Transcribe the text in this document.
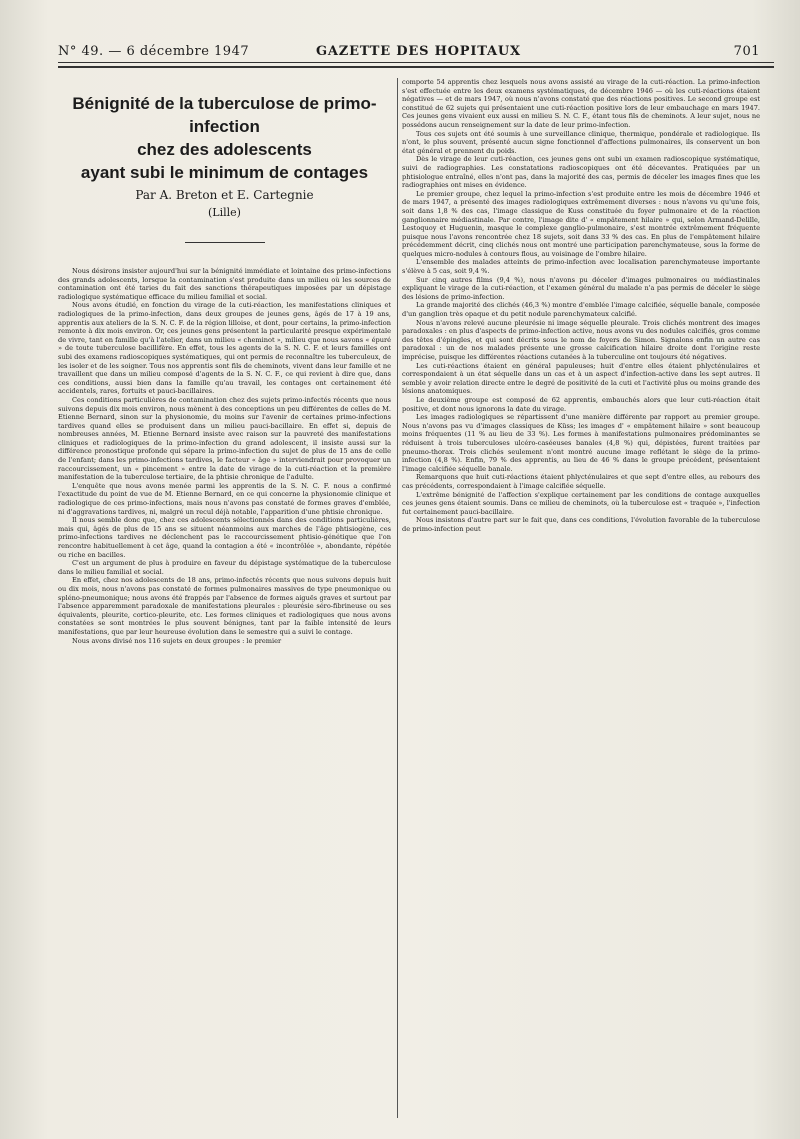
N° 49. — 6 décembre 1947	GAZETTE DES HOPITAUX	701
Bénignité de la tuberculose de primo-infection
chez des adolescents
ayant subi le minimum de contages
Par A. Breton et E. Cartegnie
(Lille)

Nous désirons insister aujourd'hui sur la bénignité immédiate et lointaine des primo-infections des grands adolescents, lorsque la contamination s'est produite dans un milieu où les sources de contamination ont été taries du fait des sanctions thérapeutiques imposées par un dépistage radiologique systématique efficace du milieu familial et social.

Nous avons étudié, en fonction du virage de la cuti-réaction, les manifestations cliniques et radiologiques de la primo-infection, dans deux groupes de jeunes gens, âgés de 17 à 19 ans, apprentis aux ateliers de la S. N. C. F. de la région lilloise, et dont, pour certains, la primo-infection remonte à dix mois environ. Or, ces jeunes gens présentent la particularité presque expérimentale de vivre, tant en famille qu'à l'atelier, dans un milieu « cheminot », milieu que nous savons « épuré » de toute tuberculose bacillifère. En effet, tous les agents de la S. N. C. F. et leurs familles ont subi des examens radioscopiques systématiques, qui ont permis de reconnaître les tuberculeux, de les isoler et de les soigner. Tous nos apprentis sont fils de cheminots, vivent dans leur famille et ne travaillent que dans un milieu composé d'agents de la S. N. C. F., ce qui revient à dire que, dans ces conditions, aussi bien dans la famille qu'au travail, les contages ont certainement été accidentels, rares, fortuits et pauci-bacillaires.

Ces conditions particulières de contamination chez des sujets primo-infectés récents que nous suivons depuis dix mois environ, nous mènent à des conceptions un peu différentes de celles de M. Etienne Bernard, sinon sur la physionomie, du moins sur l'avenir de certaines primo-infections tardives quand elles se produisent dans un milieu pauci-bacillaire. En effet si, depuis de nombreuses années, M. Etienne Bernard insiste avec raison sur la pauvreté des manifestations cliniques et radiologiques de la primo-infection du grand adolescent, il insiste aussi sur la différence pronostique profonde qui sépare la primo-infection du sujet de plus de 15 ans de celle de l'enfant; dans les primo-infections tardives, le facteur « âge » interviendrait pour provoquer un raccourcissement, un « pincement » entre la date de virage de la cuti-réaction et la première manifestation de la tuberculose tertiaire, de la phtisie chronique de l'adulte.

L'enquête que nous avons menée parmi les apprentis de la S. N. C. F. nous a confirmé l'exactitude du point de vue de M. Etienne Bernard, en ce qui concerne la physionomie clinique et radiologique de ces primo-infections, mais nous n'avons pas constaté de formes graves d'emblée, ni d'aggravations tardives, ni, malgré un recul déjà notable, l'apparition d'une phtisie chronique.

Il nous semble donc que, chez ces adolescents sélectionnés dans des conditions particulières, mais qui, âgés de plus de 15 ans se situent néanmoins aux marches de l'âge phtisiogène, ces primo-infections tardives ne déclenchent pas le raccourcissement phtisio-génétique que l'on rencontre habituellement à cet âge, quand la contagion a été « incontrôlée », abondante, répétée ou riche en bacilles.

C'est un argument de plus à produire en faveur du dépistage systématique de la tuberculose dans le milieu familial et social.

En effet, chez nos adolescents de 18 ans, primo-infectés récents que nous suivons depuis huit ou dix mois, nous n'avons pas constaté de formes pulmonaires massives de type pneumonique ou spléno-pneumonique; nous avons été frappés par l'absence de formes aiguës graves et surtout par l'absence apparemment paradoxale de manifestations pleurales : pleurésie séro-fibrineuse ou ses équivalents, pleurite, cortico-pleurite, etc. Les formes cliniques et radiologiques que nous avons constatées se sont montrées le plus souvent bénignes, tant par la faible intensité de leurs manifestations, que par leur heureuse évolution dans le semestre qui a suivi le contage.

Nous avons divisé nos 116 sujets en deux groupes : le premier

comporte 54 apprentis chez lesquels nous avons assisté au virage de la cuti-réaction. La primo-infection s'est effectuée entre les deux examens systématiques, de décembre 1946 — où les cuti-réactions étaient négatives — et de mars 1947, où nous n'avons constaté que des réactions positives. Le second groupe est constitué de 62 sujets qui présentaient une cuti-réaction positive lors de leur embauchage en mars 1947. Ces jeunes gens vivaient eux aussi en milieu S. N. C. F., étant tous fils de cheminots. A leur sujet, nous ne possédons aucun renseignement sur la date de leur primo-infection.

Tous ces sujets ont été soumis à une surveillance clinique, thermique, pondérale et radiologique. Ils n'ont, le plus souvent, présenté aucun signe fonctionnel d'affections pulmonaires, ils conservent un bon état général et prennent du poids.

Dès le virage de leur cuti-réaction, ces jeunes gens ont subi un examen radioscopique systématique, suivi de radiographies. Les constatations radioscopiques ont été décevantes. Pratiquées par un phtisiologue entraîné, elles n'ont pas, dans la majorité des cas, permis de déceler les images fines que les radiographies ont mises en évidence.

Le premier groupe, chez lequel la primo-infection s'est produite entre les mois de décembre 1946 et de mars 1947, a présenté des images radiologiques extrêmement diverses : nous n'avons vu qu'une fois, soit dans 1,8 % des cas, l'image classique de Kuss constituée du foyer pulmonaire et de la réaction ganglionnaire médiastinale. Par contre, l'image dite d' « empâtement hilaire » qui, selon Armand-Delille, Lestoquoy et Huguenin, masque le complexe ganglio-pulmonaire, s'est montrée extrêmement fréquente puisque nous l'avons rencontrée chez 18 sujets, soit dans 33 % des cas. En plus de l'empâtement hilaire précédemment décrit, cinq clichés nous ont montré une participation parenchymateuse, sous la forme de quelques micro-nodules à contours flous, au voisinage de l'ombre hilaire.

L'ensemble des malades atteints de primo-infection avec localisation parenchymateuse importante s'élève à 5 cas, soit 9,4 %.

Sur cinq autres films (9,4 %), nous n'avons pu déceler d'images pulmonaires ou médiastinales expliquant le virage de la cuti-réaction, et l'examen général du malade n'a pas permis de déceler le siège des lésions de primo-infection.

La grande majorité des clichés (46,3 %) montre d'emblée l'image calcifiée, séquelle banale, composée d'un ganglion très opaque et du petit nodule parenchymateux calcifié.

Nous n'avons relevé aucune pleurésie ni image séquelle pleurale. Trois clichés montrent des images paradoxales : en plus d'aspects de primo-infection active, nous avons vu des nodules calcifiés, gros comme des têtes d'épingles, et qui sont décrits sous le nom de foyers de Simon. Signalons enfin un autre cas paradoxal : un de nos malades présente une grosse calcification hilaire droite dont l'origine reste imprécise, puisque les différentes réactions cutanées à la tuberculine ont toujours été négatives.

Les cuti-réactions étaient en général papuleuses; huit d'entre elles étaient phlycténulaires et correspondaient à un état séquelle dans un cas et à un aspect d'infection-active dans les sept autres. Il semble y avoir relation directe entre le degré de positivité de la cuti et l'activité plus ou moins grande des lésions anatomiques.

Le deuxième groupe est composé de 62 apprentis, embauchés alors que leur cuti-réaction était positive, et dont nous ignorons la date du virage.

Les images radiologiques se répartissent d'une manière différente par rapport au premier groupe. Nous n'avons pas vu d'images classiques de Küss; les images d' « empâtement hilaire » sont beaucoup moins fréquentes (11 % au lieu de 33 %). Les formes à manifestations pulmonaires prédominantes se réduisent à trois tuberculoses ulcéro-caséeuses banales (4,8 %) qui, dépistées, furent traitées par pneumo-thorax. Trois clichés seulement n'ont montré aucune image reflétant le siège de la primo-infection (4,8 %). Enfin, 79 % des apprentis, au lieu de 46 % dans le groupe précédent, présentaient l'image calcifiée séquelle banale.

Remarquons que huit cuti-réactions étaient phlycténulaires et que sept d'entre elles, au rebours des cas précédents, correspondaient à l'image calcifiée séquelle.

L'extrême bénignité de l'affection s'explique certainement par les conditions de contage auxquelles ces jeunes gens étaient soumis. Dans ce milieu de cheminots, où la tuberculose est « traquée », l'infection fut certainement pauci-bacillaire.

Nous insistons d'autre part sur le fait que, dans ces conditions, l'évolution favorable de la tuberculose de primo-infection peut
